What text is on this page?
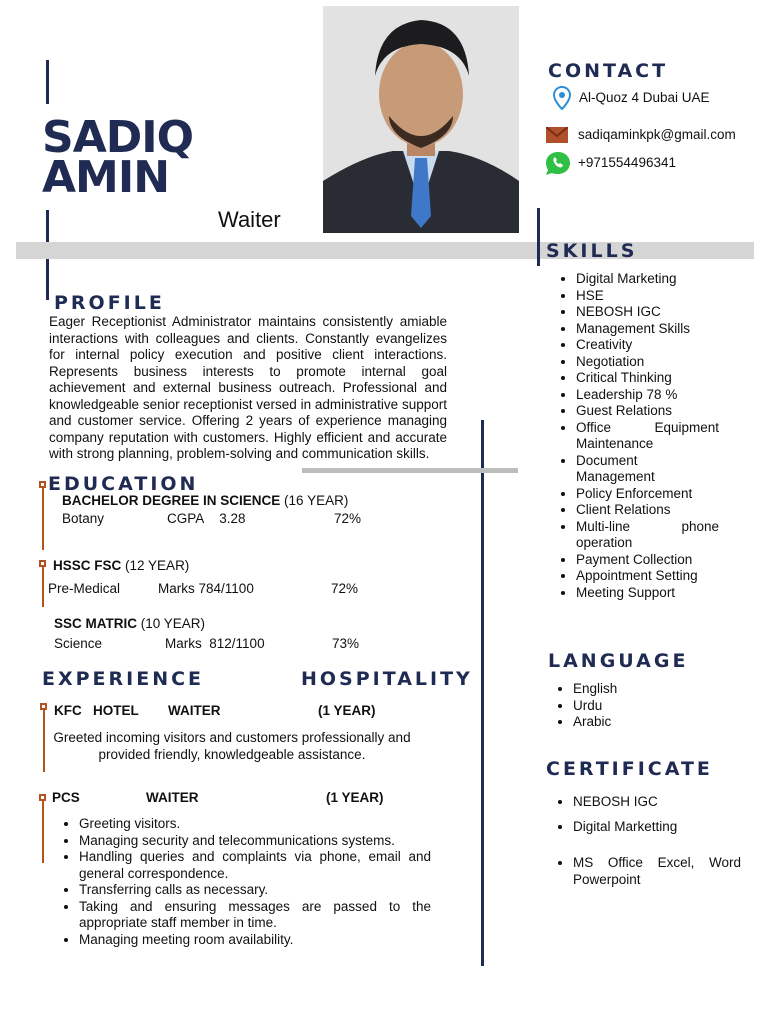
SADIQ
AMIN
Waiter
CONTACT
Al-Quoz 4 Dubai UAE
sadiqaminkpk@gmail.com
+971554496341
SKILLS
• Digital Marketing
• HSE
• NEBOSH IGC
• Management Skills
• Creativity
• Negotiation
• Critical Thinking
• Leadership 78 %
• Guest Relations
• Office Equipment Maintenance
• Document Management
• Policy Enforcement
• Client Relations
• Multi-line phone operation
• Payment Collection
• Appointment Setting
• Meeting Support
PROFILE

Eager Receptionist Administrator maintains consistently amiable interactions with colleagues and clients. Constantly evangelizes for internal policy execution and positive client interactions. Represents business interests to promote internal goal achievement and external business outreach. Professional and knowledgeable senior receptionist versed in administrative support and customer service. Offering 2 years of experience managing company reputation with customers. Highly efficient and accurate with strong planning, problem-solving and communication skills.

EDUCATION
BACHELOR DEGREE IN SCIENCE (16 YEAR)
Botany	CGPA 3.28	72%
HSSC FSC (12 YEAR)
Pre-Medical	Marks 784/1100	72%
SSC MATRIC (10 YEAR)
Science	Marks 812/1100	73%
EXPERIENCE	HOSPITALITY
KFC HOTEL WAITER	(1 YEAR)

Greeted incoming visitors and customers professionally and provided friendly, knowledgeable assistance.

PCS	WAITER	(1 YEAR)
• Greeting visitors.
• Managing security and telecommunications systems.
• Handling queries and complaints via phone, email and general correspondence.
• Transferring calls as necessary.
• Taking and ensuring messages are passed to the appropriate staff member in time.
• Managing meeting room availability.
LANGUAGE
• English
• Urdu
• Arabic
CERTIFICATE
• NEBOSH IGC
• Digital Marketting
• MS Office Excel, Word Powerpoint
